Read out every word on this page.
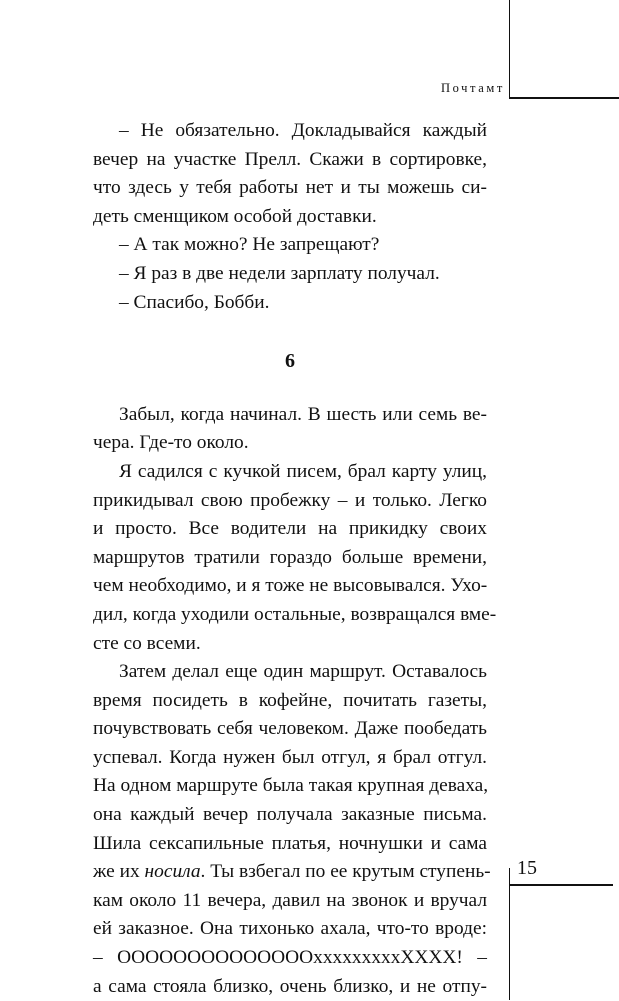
Почтамт
– Не обязательно. Докладывайся каждый
вечер на участке Прелл. Скажи в сортировке,
что здесь у тебя работы нет и ты можешь си-
деть сменщиком особой доставки.
– А так можно? Не запрещают?
– Я раз в две недели зарплату получал.
– Спасибо, Бобби.
6
Забыл, когда начинал. В шесть или семь ве-
чера. Где-то около.
Я садился с кучкой писем, брал карту улиц,
прикидывал свою пробежку – и только. Легко
и просто. Все водители на прикидку своих
маршрутов тратили гораздо больше времени,
чем необходимо, и я тоже не высовывался. Ухо-
дил, когда уходили остальные, возвращался вме-
сте со всеми.
Затем делал еще один маршрут. Оставалось
время посидеть в кофейне, почитать газеты,
почувствовать себя человеком. Даже пообедать
успевал. Когда нужен был отгул, я брал отгул.
На одном маршруте была такая крупная деваха,
она каждый вечер получала заказные письма.
Шила сексапильные платья, ночнушки и сама
же их носила. Ты взбегал по ее крутым ступень-
кам около 11 вечера, давил на звонок и вручал
ей заказное. Она тихонько ахала, что-то вроде:
– ООООООООООООООxxxxxxxxxXXXX! –
а сама стояла близко, очень близко, и не отпу-
15
